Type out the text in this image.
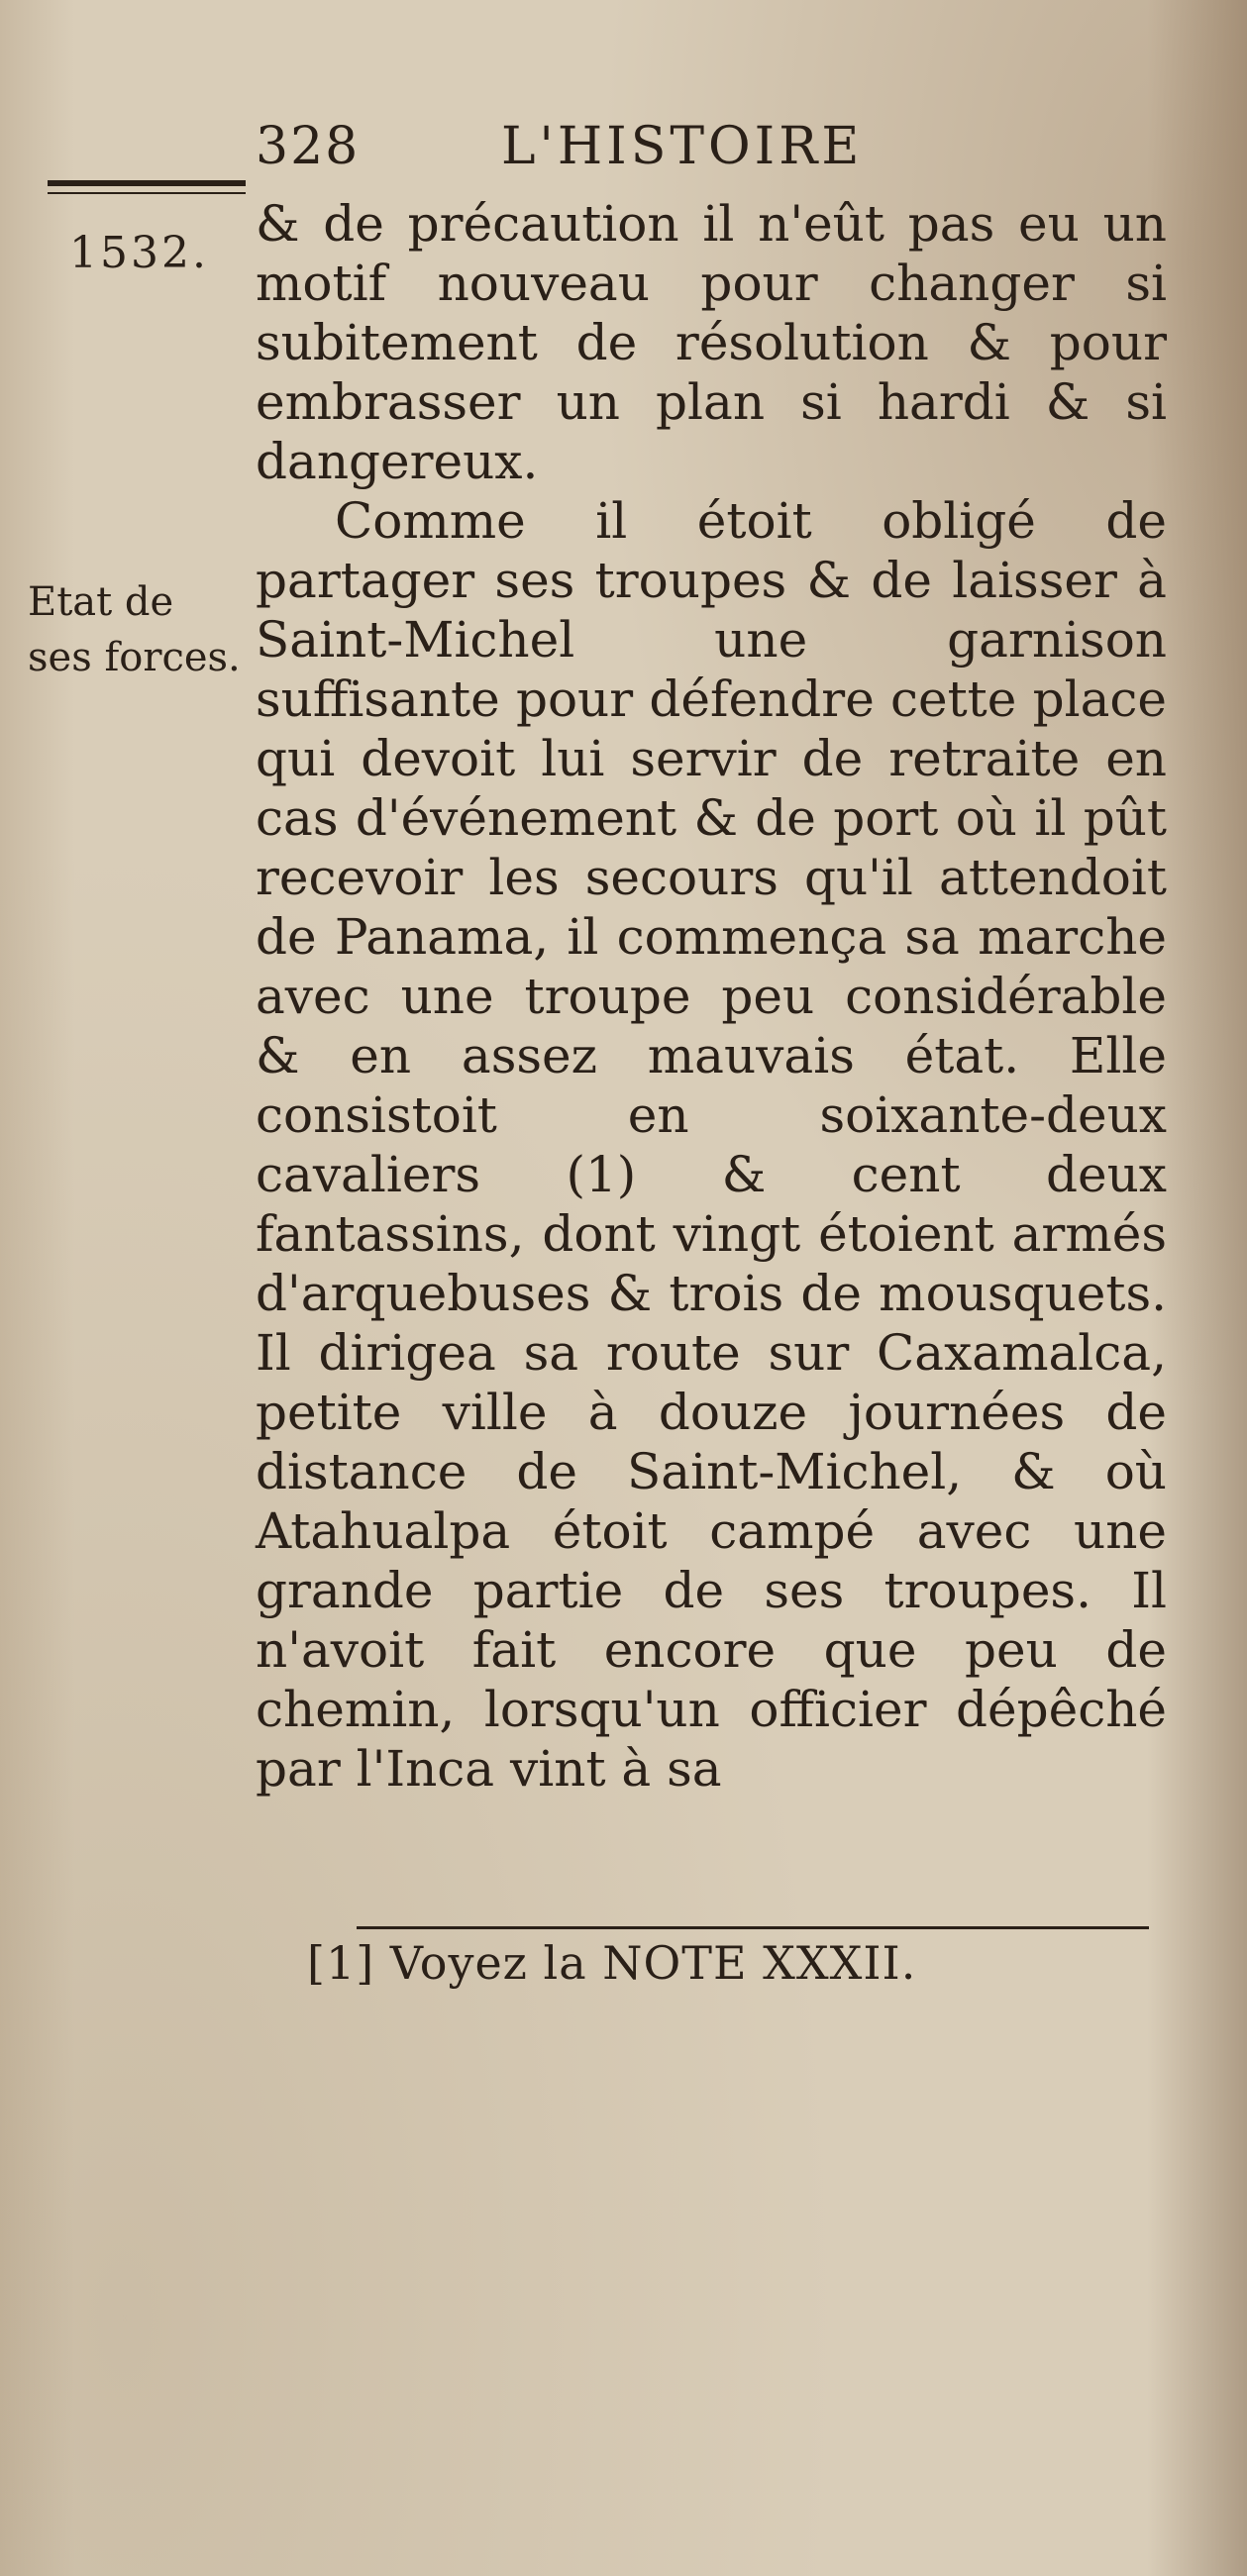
328	L'HISTOIRE
1532.
Etat de ses forces.

& de précaution il n'eût pas eu un motif nouveau pour changer si subitement de résolution & pour embrasser un plan si hardi & si dangereux.

Comme il étoit obligé de partager ses troupes & de laisser à Saint-Michel une garnison suffisante pour défendre cette place qui devoit lui servir de retraite en cas d'événement & de port où il pût recevoir les secours qu'il attendoit de Panama, il commença sa marche avec une troupe peu considérable & en assez mauvais état. Elle consistoit en soixante-deux cavaliers (1) & cent deux fantassins, dont vingt étoient armés d'arquebuses & trois de mousquets. Il dirigea sa route sur Caxamalca, petite ville à douze journées de distance de Saint-Michel, & où Atahualpa étoit campé avec une grande partie de ses troupes. Il n'avoit fait encore que peu de chemin, lorsqu'un officier dépêché par l'Inca vint à sa

[1] Voyez la NOTE XXXII.
